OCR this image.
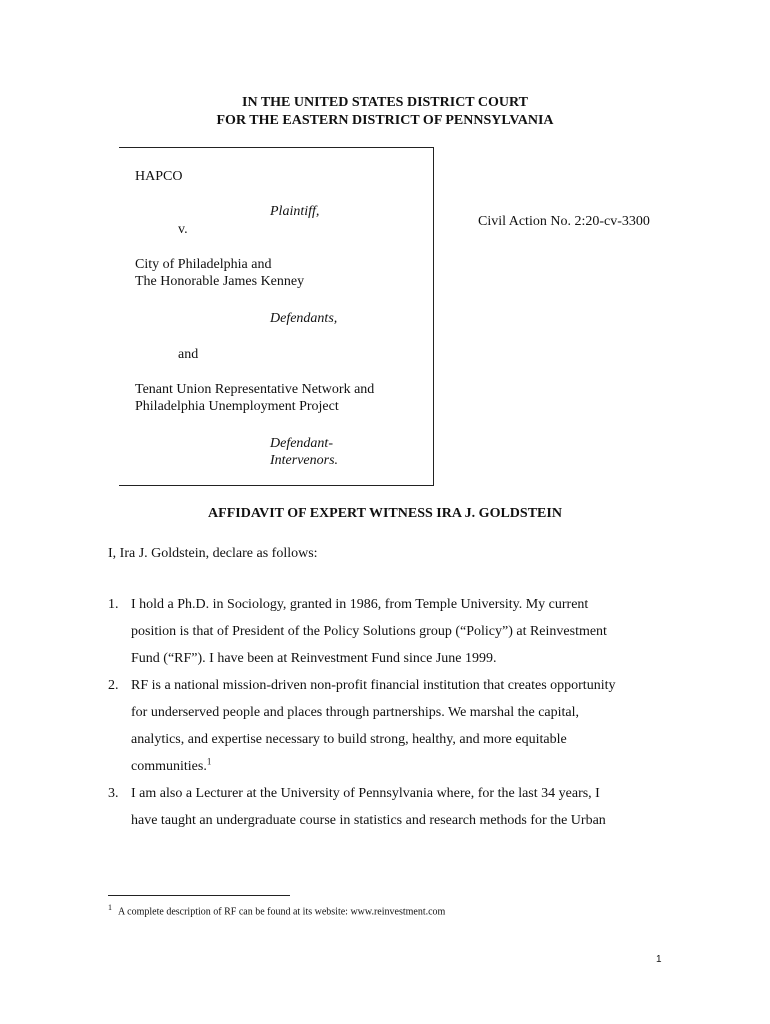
IN THE UNITED STATES DISTRICT COURT
FOR THE EASTERN DISTRICT OF PENNSYLVANIA
HAPCO
Plaintiff,
v.
City of Philadelphia and
The Honorable James Kenney
Defendants,
and
Tenant Union Representative Network and
Philadelphia Unemployment Project
Defendant-
Intervenors.
Civil Action No. 2:20-cv-3300
AFFIDAVIT OF EXPERT WITNESS IRA J. GOLDSTEIN
I, Ira J. Goldstein, declare as follows:
1. I hold a Ph.D. in Sociology, granted in 1986, from Temple University. My current
position is that of President of the Policy Solutions group (“Policy”) at Reinvestment
Fund (“RF”). I have been at Reinvestment Fund since June 1999.
2. RF is a national mission-driven non-profit financial institution that creates opportunity
for underserved people and places through partnerships. We marshal the capital,
analytics, and expertise necessary to build strong, healthy, and more equitable
communities.$^1$
3. I am also a Lecturer at the University of Pennsylvania where, for the last 34 years, I
have taught an undergraduate course in statistics and research methods for the Urban
$^1$ A complete description of RF can be found at its website: www.reinvestment.com
1
